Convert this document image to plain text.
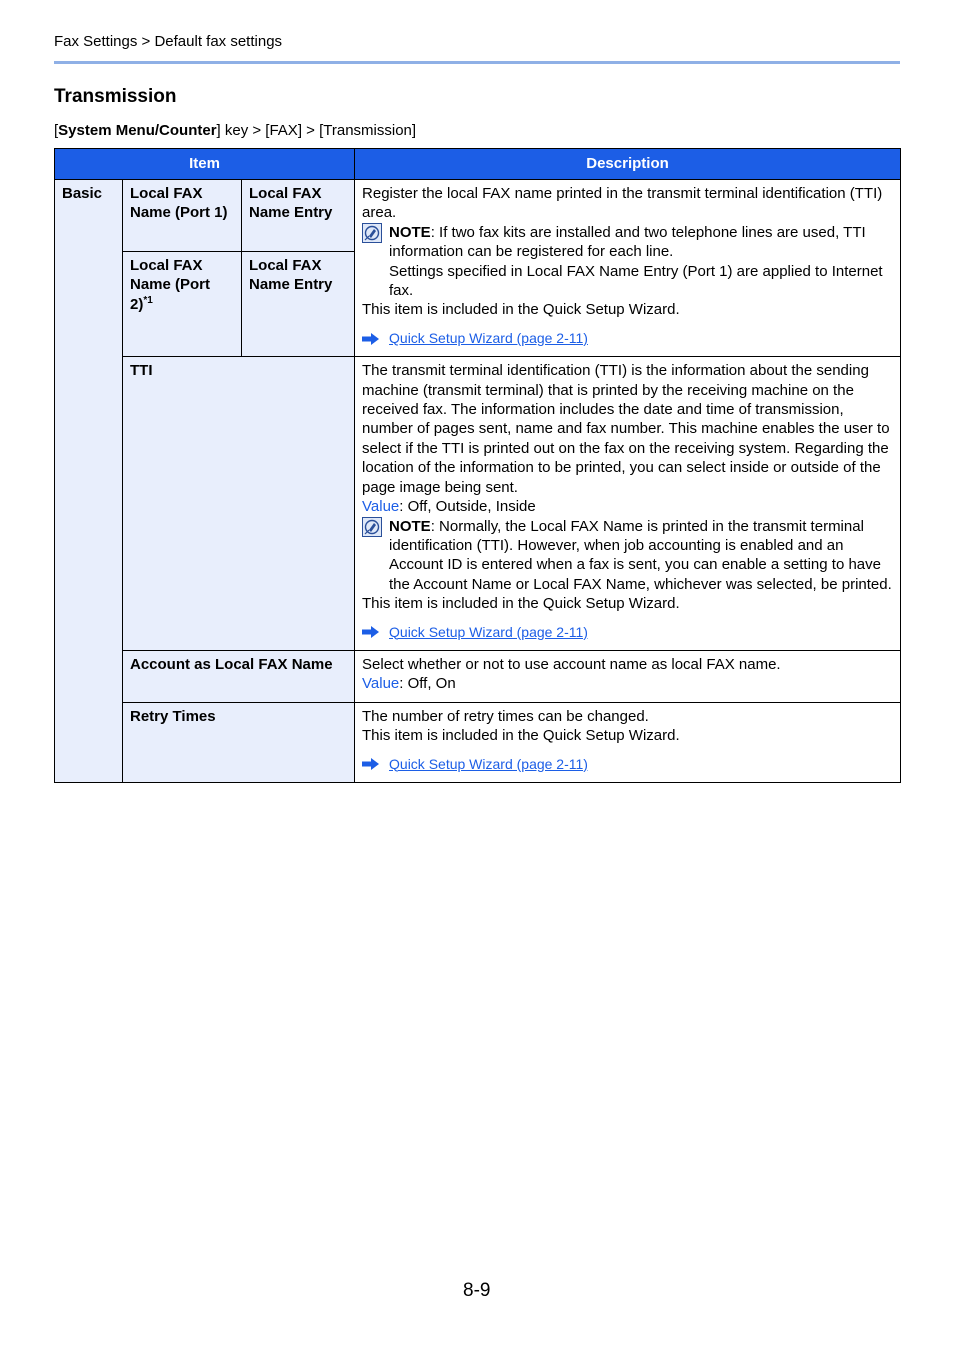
Fax Settings > Default fax settings
Transmission
[System Menu/Counter] key > [FAX] > [Transmission]
Item			Description
Basic	Local FAX Name (Port 1)	Local FAX Name Entry	Register the local FAX name printed in the transmit terminal identification (TTI) area.
NOTE: If two fax kits are installed and two telephone lines are used, TTI information can be registered for each line.
Settings specified in Local FAX Name Entry (Port 1) are applied to Internet fax.
This item is included in the Quick Setup Wizard.
Quick Setup Wizard (page 2-11)

	Local FAX Name (Port 2)$^{*1}$	Local FAX Name Entry	
	TTI		The transmit terminal identification (TTI) is the information about the sending machine (transmit terminal) that is printed by the receiving machine on the received fax. The information includes the date and time of transmission, number of pages sent, name and fax number. This machine enables the user to select if the TTI is printed out on the fax on the receiving system. Regarding the location of the information to be printed, you can select inside or outside of the page image being sent.
Value: Off, Outside, Inside
NOTE: Normally, the Local FAX Name is printed in the transmit terminal identification (TTI). However, when job accounting is enabled and an Account ID is entered when a fax is sent, you can enable a setting to have the Account Name or Local FAX Name, whichever was selected, be printed.
This item is included in the Quick Setup Wizard.
Quick Setup Wizard (page 2-11)

	Account as Local FAX Name		Select whether or not to use account name as local FAX name.
Value: Off, On

	Retry Times		The number of retry times can be changed.
This item is included in the Quick Setup Wizard.
Quick Setup Wizard (page 2-11)
8-9
